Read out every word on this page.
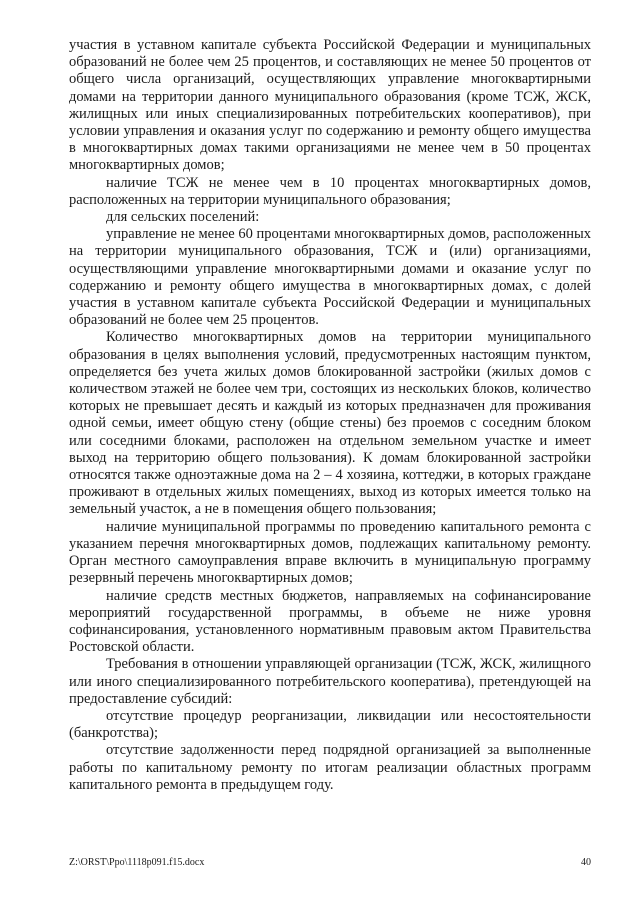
участия в уставном капитале субъекта Российской Федерации и муниципальных образований не более чем 25 процентов, и составляющих не менее 50 процентов от общего числа организаций, осуществляющих управление многоквартирными домами на территории данного муниципального образования (кроме ТСЖ, ЖСК, жилищных или иных специализированных потребительских кооперативов), при условии управления и оказания услуг по содержанию и ремонту общего имущества в многоквартирных домах такими организациями не менее чем в 50 процентах многоквартирных домов;

наличие ТСЖ не менее чем в 10 процентах многоквартирных домов, расположенных на территории муниципального образования;

для сельских поселений:

управление не менее 60 процентами многоквартирных домов, расположенных на территории муниципального образования, ТСЖ и (или) организациями, осуществляющими управление многоквартирными домами и оказание услуг по содержанию и ремонту общего имущества в многоквартирных домах, с долей участия в уставном капитале субъекта Российской Федерации и муниципальных образований не более чем 25 процентов.

Количество многоквартирных домов на территории муниципального образования в целях выполнения условий, предусмотренных настоящим пунктом, определяется без учета жилых домов блокированной застройки (жилых домов с количеством этажей не более чем три, состоящих из нескольких блоков, количество которых не превышает десять и каждый из которых предназначен для проживания одной семьи, имеет общую стену (общие стены) без проемов с соседним блоком или соседними блоками, расположен на отдельном земельном участке и имеет выход на территорию общего пользования). К домам блокированной застройки относятся также одноэтажные дома на 2 – 4 хозяина, коттеджи, в которых граждане проживают в отдельных жилых помещениях, выход из которых имеется только на земельный участок, а не в помещения общего пользования;

наличие муниципальной программы по проведению капитального ремонта с указанием перечня многоквартирных домов, подлежащих капитальному ремонту. Орган местного самоуправления вправе включить в муниципальную программу резервный перечень многоквартирных домов;

наличие средств местных бюджетов, направляемых на софинансирование мероприятий государственной программы, в объеме не ниже уровня софинансирования, установленного нормативным правовым актом Правительства Ростовской области.

Требования в отношении управляющей организации (ТСЖ, ЖСК, жилищного или иного специализированного потребительского кооператива), претендующей на предоставление субсидий:

отсутствие процедур реорганизации, ликвидации или несостоятельности (банкротства);

отсутствие задолженности перед подрядной организацией за выполненные работы по капитальному ремонту по итогам реализации областных программ капитального ремонта в предыдущем году.

Z:\ORST\Ppo\1118p091.f15.docx	40
